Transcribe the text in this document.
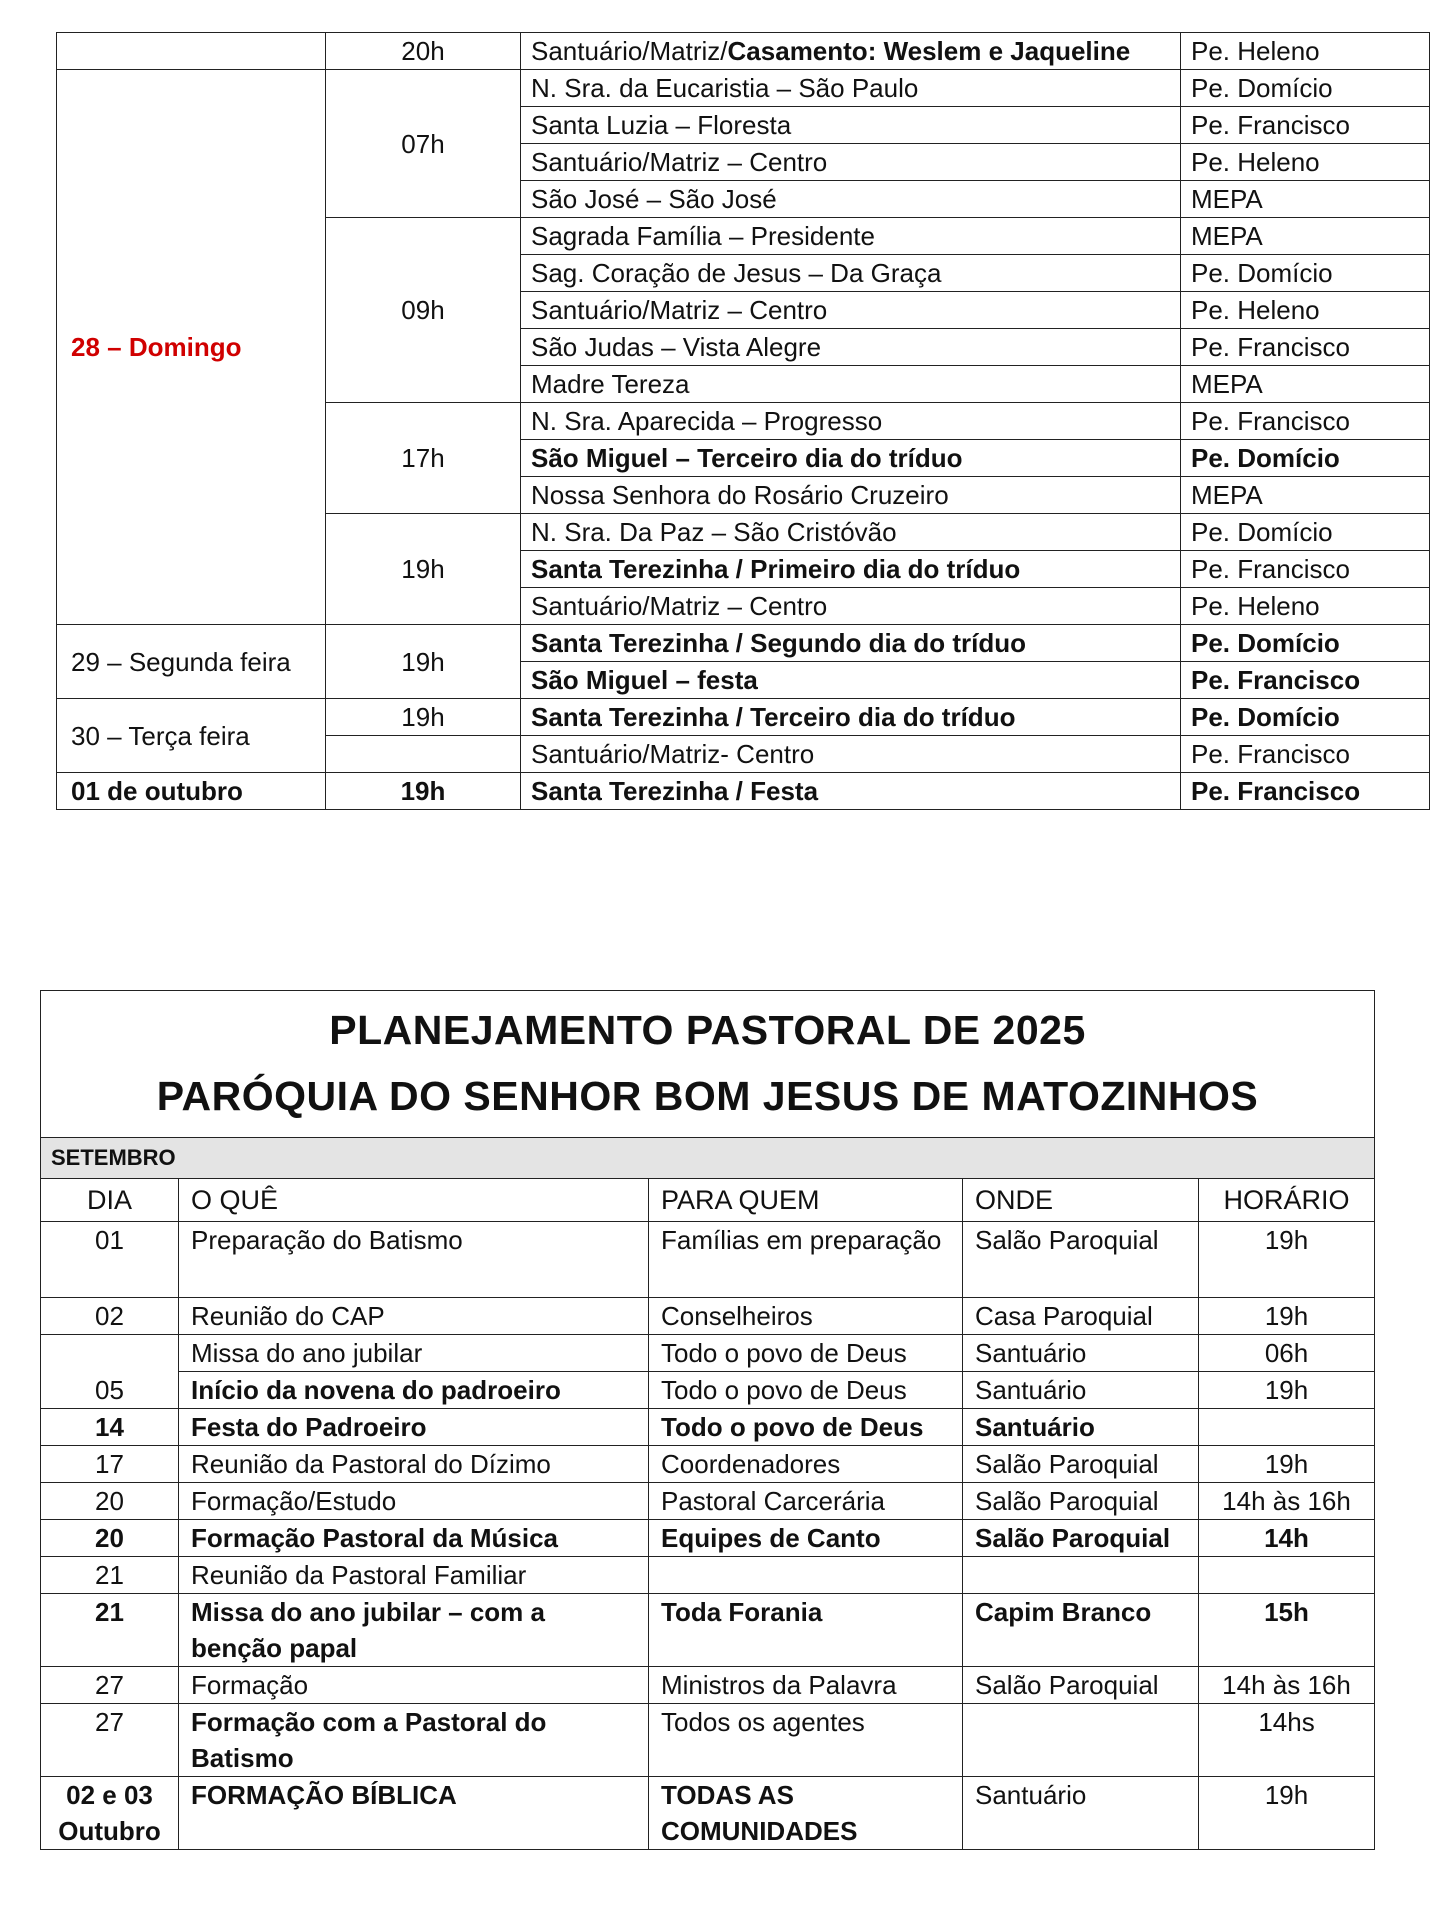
	20h	Santuário/Matriz/Casamento: Weslem e Jaqueline	Pe. Heleno
28 – Domingo	07h	N. Sra. da Eucaristia – São Paulo	Pe. Domício
		Santa Luzia – Floresta	Pe. Francisco
		Santuário/Matriz – Centro	Pe. Heleno
		São José – São José	MEPA
	09h	Sagrada Família – Presidente	MEPA
		Sag. Coração de Jesus – Da Graça	Pe. Domício
		Santuário/Matriz – Centro	Pe. Heleno
		São Judas – Vista Alegre	Pe. Francisco
		Madre Tereza	MEPA
	17h	N. Sra. Aparecida – Progresso	Pe. Francisco
		São Miguel – Terceiro dia do tríduo	Pe. Domício
		Nossa Senhora do Rosário Cruzeiro	MEPA
	19h	N. Sra. Da Paz – São Cristóvão	Pe. Domício
		Santa Terezinha / Primeiro dia do tríduo	Pe. Francisco
		Santuário/Matriz – Centro	Pe. Heleno
29 – Segunda feira	19h	Santa Terezinha / Segundo dia do tríduo	Pe. Domício
		São Miguel – festa	Pe. Francisco
30 – Terça feira	19h	Santa Terezinha / Terceiro dia do tríduo	Pe. Domício
		Santuário/Matriz- Centro	Pe. Francisco
01 de outubro	19h	Santa Terezinha / Festa	Pe. Francisco
PLANEJAMENTO PASTORAL DE 2025
PARÓQUIA DO SENHOR BOM JESUS DE MATOZINHOS				

SETEMBRO				
DIA	O QUÊ	PARA QUEM	ONDE	HORÁRIO
01	Preparação do Batismo	Famílias em preparação	Salão Paroquial	19h
02	Reunião do CAP	Conselheiros	Casa Paroquial	19h
05	Missa do ano jubilar	Todo o povo de Deus	Santuário	06h
	Início da novena do padroeiro	Todo o povo de Deus	Santuário	19h
14	Festa do Padroeiro	Todo o povo de Deus	Santuário	
17	Reunião da Pastoral do Dízimo	Coordenadores	Salão Paroquial	19h
20	Formação/Estudo	Pastoral Carcerária	Salão Paroquial	14h às 16h
20	Formação Pastoral da Música	Equipes de Canto	Salão Paroquial	14h
21	Reunião da Pastoral Familiar			
21	Missa do ano jubilar – com a benção papal	Toda Forania	Capim Branco	15h
27	Formação	Ministros da Palavra	Salão Paroquial	14h às 16h
27	Formação com a Pastoral do Batismo	Todos os agentes		14hs
02 e 03 Outubro	FORMAÇÃO BÍBLICA	TODAS AS COMUNIDADES	Santuário	19h
